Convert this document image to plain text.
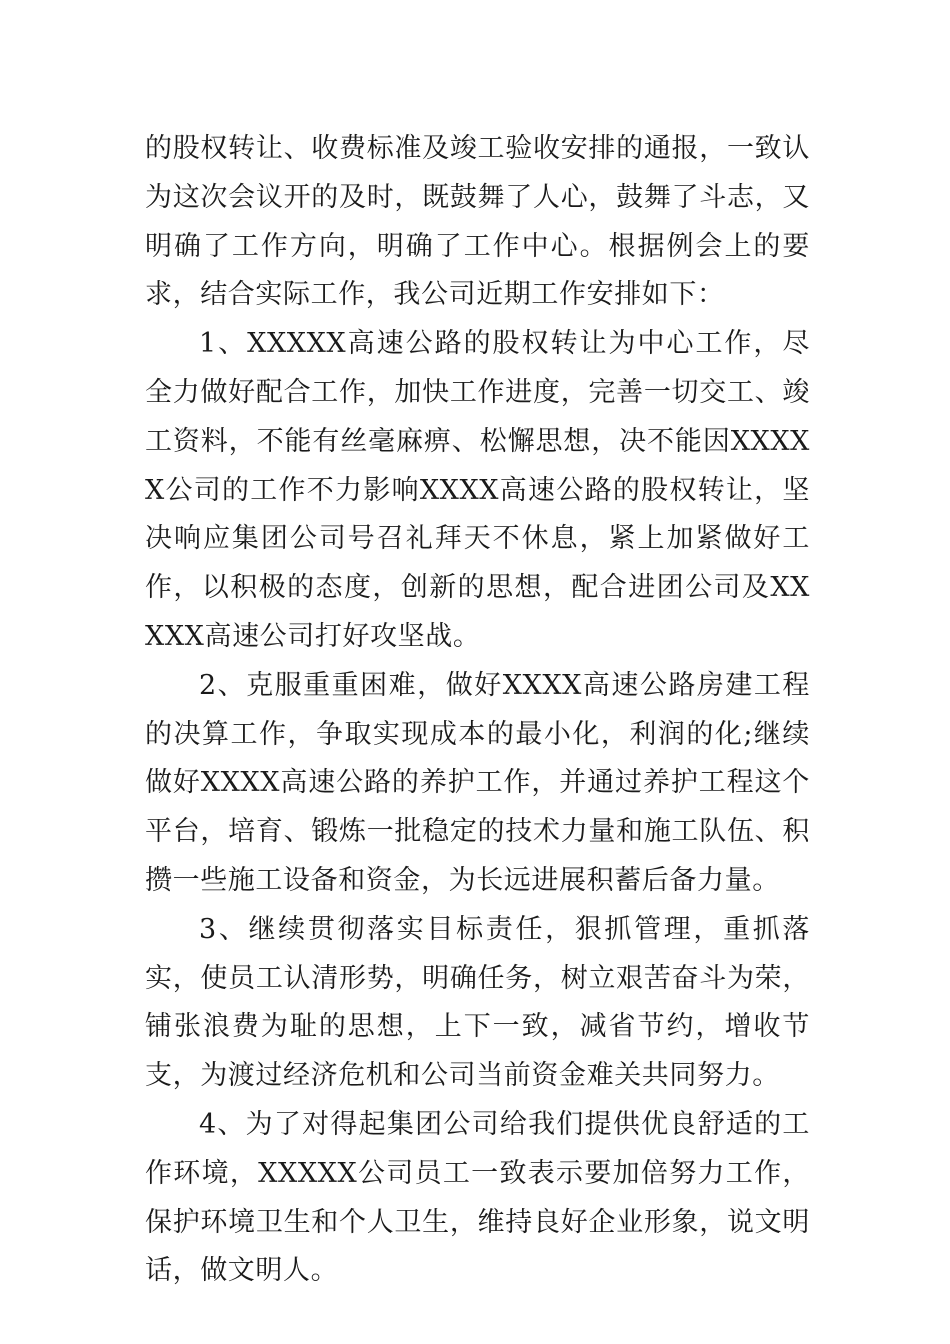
的股权转让、收费标准及竣工验收安排的通报，一致认为这次会议开的及时，既鼓舞了人心，鼓舞了斗志，又明确了工作方向，明确了工作中心。根据例会上的要求，结合实际工作，我公司近期工作安排如下：

1、XXXXX高速公路的股权转让为中心工作，尽全力做好配合工作，加快工作进度，完善一切交工、竣工资料，不能有丝毫麻痹、松懈思想，决不能因XXXXX公司的工作不力影响XXXX高速公路的股权转让，坚决响应集团公司号召礼拜天不休息，紧上加紧做好工作，以积极的态度，创新的思想，配合进团公司及XXXXX高速公司打好攻坚战。

2、克服重重困难，做好XXXX高速公路房建工程的决算工作，争取实现成本的最小化，利润的化;继续做好XXXX高速公路的养护工作，并通过养护工程这个平台，培育、锻炼一批稳定的技术力量和施工队伍、积攒一些施工设备和资金，为长远进展积蓄后备力量。

3、继续贯彻落实目标责任，狠抓管理，重抓落实，使员工认清形势，明确任务，树立艰苦奋斗为荣，铺张浪费为耻的思想，上下一致，减省节约，增收节支，为渡过经济危机和公司当前资金难关共同努力。

4、为了对得起集团公司给我们提供优良舒适的工作环境，XXXXX公司员工一致表示要加倍努力工作，保护环境卫生和个人卫生，维持良好企业形象，说文明话，做文明人。
